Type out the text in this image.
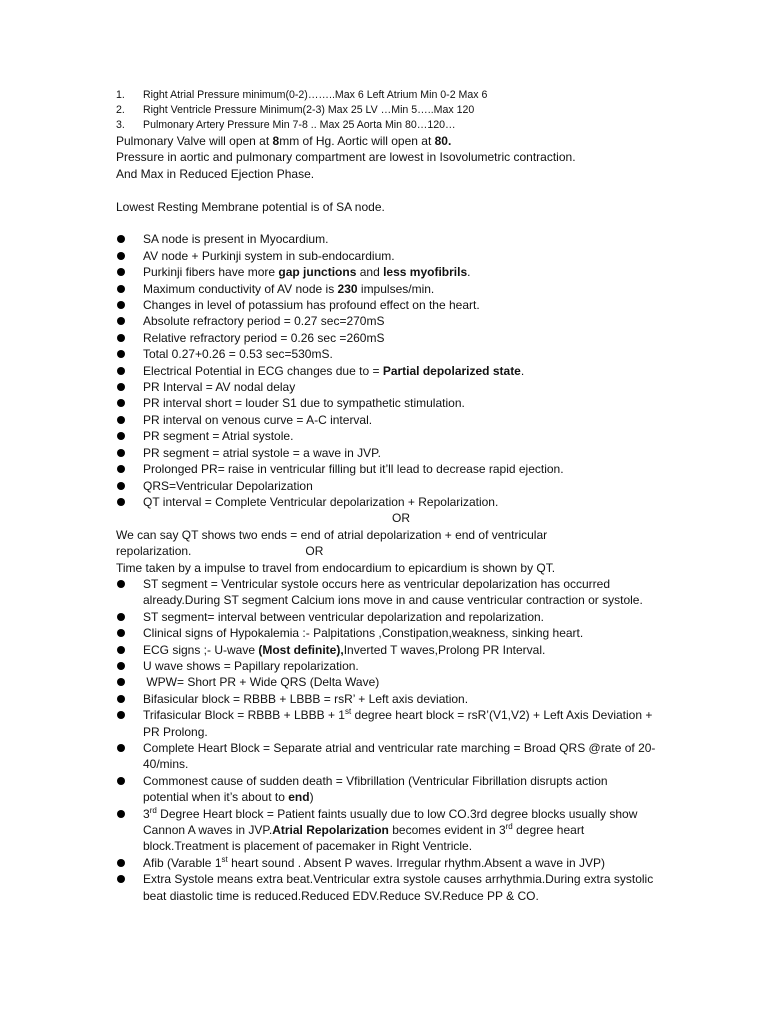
1.	Right Atrial Pressure minimum(0-2)……..Max 6 Left Atrium Min 0-2 Max 6
2.	Right Ventricle Pressure Minimum(2-3) Max 25 LV …Min 5…..Max 120
3.	Pulmonary Artery Pressure Min 7-8 .. Max 25 Aorta Min 80…120…

Pulmonary Valve will open at 8mm of Hg. Aortic will open at 80.

Pressure in aortic and pulmonary compartment are lowest in Isovolumetric contraction.

And Max in Reduced Ejection Phase.

Lowest Resting Membrane potential is of SA node.

SA node is present in Myocardium.
AV node + Purkinji system in sub-endocardium.
Purkinji fibers have more gap junctions and less myofibrils.
Maximum conductivity of AV node is 230 impulses/min.
Changes in level of potassium has profound effect on the heart.
Absolute refractory period = 0.27 sec=270mS
Relative refractory period = 0.26 sec =260mS
Total 0.27+0.26 = 0.53 sec=530mS.
Electrical Potential in ECG changes due to = Partial depolarized state.
PR Interval = AV nodal delay
PR interval short = louder S1 due to sympathetic stimulation.
PR interval on venous curve = A-C interval.
PR segment = Atrial systole.
PR segment = atrial systole = a wave in JVP.
Prolonged PR= raise in ventricular filling but it’ll lead to decrease rapid ejection.
QRS=Ventricular Depolarization
QT interval = Complete Ventricular depolarization + Repolarization.

OR

We can say QT shows two ends = end of atrial depolarization + end of ventricular

repolarization.	OR

Time taken by a impulse to travel from endocardium to epicardium is shown by QT.

ST segment = Ventricular systole occurs here as ventricular depolarization has occurred already.During ST segment Calcium ions move in and cause ventricular contraction or systole.
ST segment= interval between ventricular depolarization and repolarization.
Clinical signs of Hypokalemia :- Palpitations ,Constipation,weakness, sinking heart.
ECG signs ;- U-wave (Most definite),Inverted T waves,Prolong PR Interval.
U wave shows = Papillary repolarization.
WPW= Short PR + Wide QRS (Delta Wave)
Bifasicular block = RBBB + LBBB = rsR’ + Left axis deviation.
Trifasicular Block = RBBB + LBBB + 1st degree heart block = rsR’(V1,V2) + Left Axis Deviation + PR Prolong.
Complete Heart Block = Separate atrial and ventricular rate marching = Broad QRS @rate of 20-40/mins.
Commonest cause of sudden death = Vfibrillation (Ventricular Fibrillation disrupts action potential when it’s about to end)
3rd Degree Heart block = Patient faints usually due to low CO.3rd degree blocks usually show Cannon A waves in JVP.Atrial Repolarization becomes evident in 3rd degree heart block.Treatment is placement of pacemaker in Right Ventricle.
Afib (Varable 1st heart sound . Absent P waves. Irregular rhythm.Absent a wave in JVP)
Extra Systole means extra beat.Ventricular extra systole causes arrhythmia.During extra systolic beat diastolic time is reduced.Reduced EDV.Reduce SV.Reduce PP & CO.
